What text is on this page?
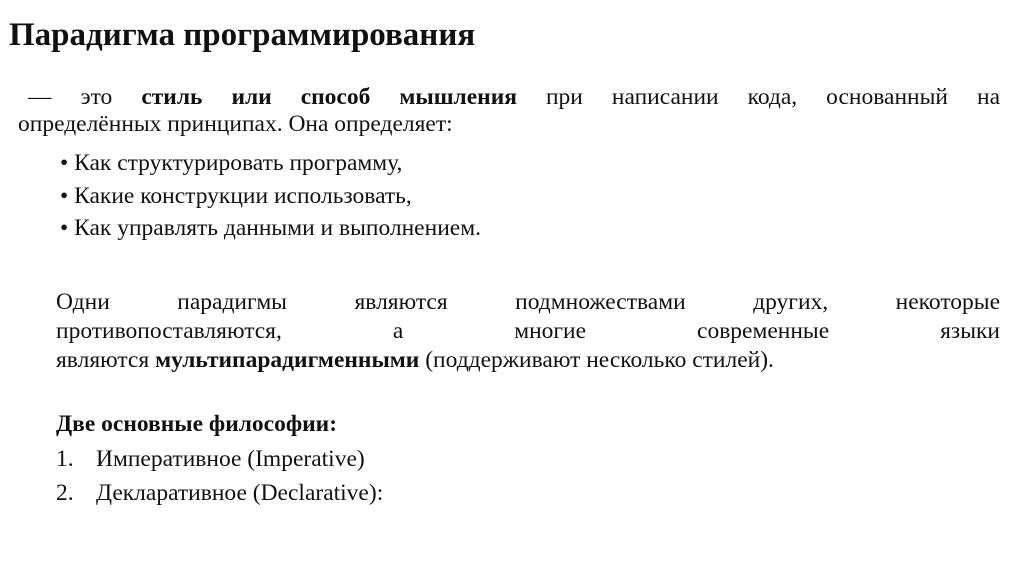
Парадигма программирования

— это стиль или способ мышления при написании кода, основанный на
определённых принципах. Она определяет:

• Как структурировать программу,
• Какие конструкции использовать,
• Как управлять данными и выполнением.

Одни парадигмы являются подмножествами других, некоторые
противопоставляются,	а	многие	современные	языки
являются мультипарадигменными (поддерживают несколько стилей).

Две основные философии:

1. Императивное (Imperative)
2. Декларативное (Declarative):
